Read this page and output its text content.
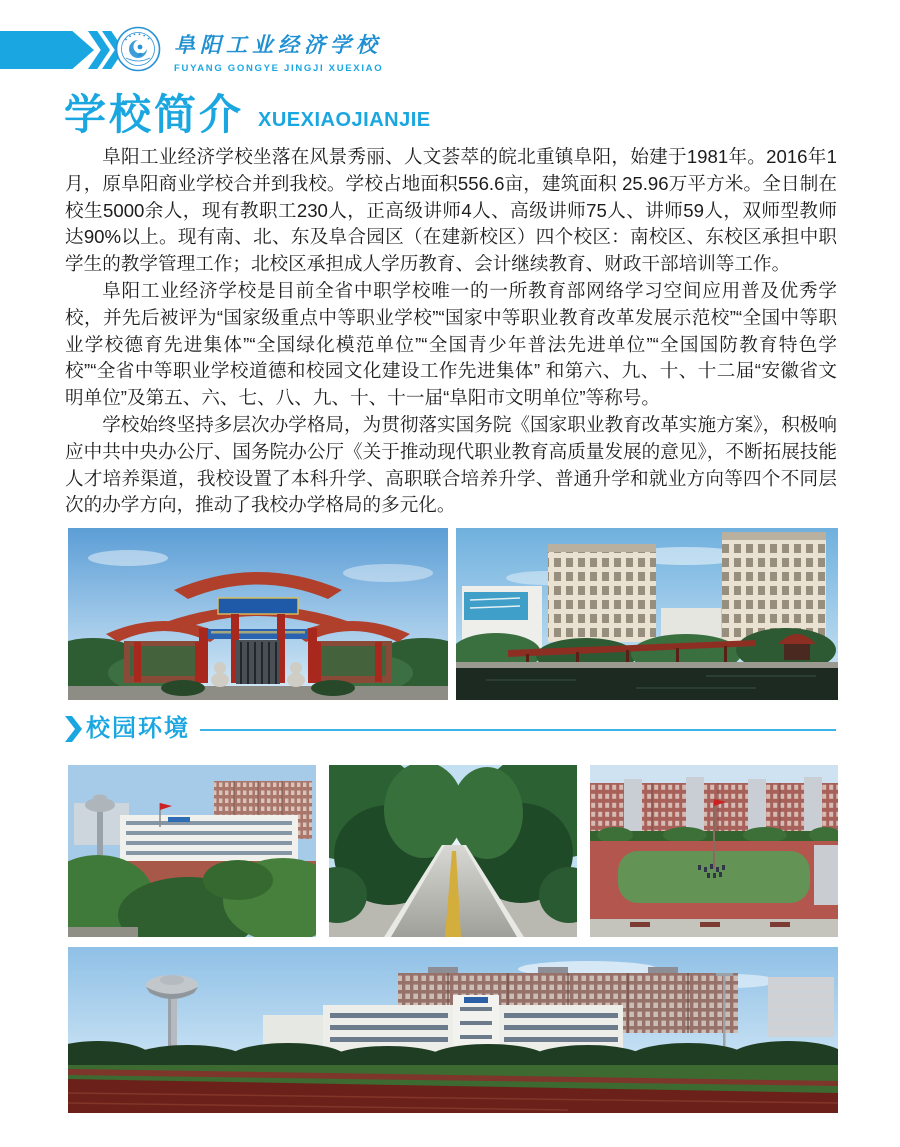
阜阳工业经济学校
FUYANG GONGYE JINGJI XUEXIAO
学校简介 XUEXIAOJIANJIE

阜阳工业经济学校坐落在风景秀丽、人文荟萃的皖北重镇阜阳，始建于1981年。2016年1月，原阜阳商业学校合并到我校。学校占地面积556.6亩，建筑面积 25.96万平方米。全日制在校生5000余人，现有教职工230人，正高级讲师4人、高级讲师75人、讲师59人，双师型教师达90%以上。现有南、北、东及阜合园区（在建新校区）四个校区：南校区、东校区承担中职学生的教学管理工作；北校区承担成人学历教育、会计继续教育、财政干部培训等工作。

阜阳工业经济学校是目前全省中职学校唯一的一所教育部网络学习空间应用普及优秀学校，并先后被评为“国家级重点中等职业学校”“国家中等职业教育改革发展示范校”“全国中等职业学校德育先进集体”“全国绿化模范单位”“全国青少年普法先进单位”“全国国防教育特色学校”“全省中等职业学校道德和校园文化建设工作先进集体” 和第六、九、十、十二届“安徽省文明单位”及第五、六、七、八、九、十、十一届“阜阳市文明单位”等称号。

学校始终坚持多层次办学格局，为贯彻落实国务院《国家职业教育改革实施方案》，积极响应中共中央办公厅、国务院办公厅《关于推动现代职业教育高质量发展的意见》，不断拓展技能人才培养渠道，我校设置了本科升学、高职联合培养升学、普通升学和就业方向等四个不同层次的办学方向，推动了我校办学格局的多元化。

校园环境
